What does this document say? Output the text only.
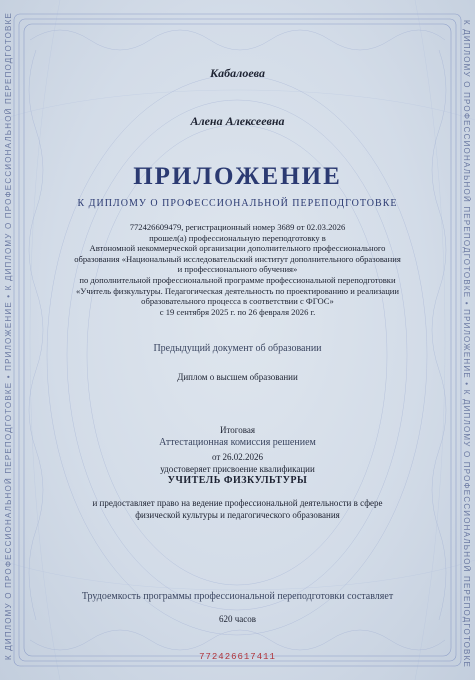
К ДИПЛОМУ О ПРОФЕССИОНАЛЬНОЙ ПЕРЕПОДГОТОВКЕ • ПРИЛОЖЕНИЕ • К ДИПЛОМУ О ПРОФЕССИОНАЛЬНОЙ ПЕРЕПОДГОТОВКЕ	К ДИПЛОМУ О ПРОФЕССИОНАЛЬНОЙ ПЕРЕПОДГОТОВКЕ • ПРИЛОЖЕНИЕ • К ДИПЛОМУ О ПРОФЕССИОНАЛЬНОЙ ПЕРЕПОДГОТОВКЕ
Кабалоева
Алена Алексеевна
ПРИЛОЖЕНИЕ
К ДИПЛОМУ О ПРОФЕССИОНАЛЬНОЙ ПЕРЕПОДГОТОВКЕ
772426609479, регистрационный номер 3689 от 02.03.2026
прошел(а) профессиональную переподготовку в
Автономной некоммерческой организации дополнительного профессионального
образования «Национальный исследовательский институт дополнительного образования
и профессионального обучения»
по дополнительной профессиональной программе профессиональной переподготовки
«Учитель физкультуры. Педагогическая деятельность по проектированию и реализации
образовательного процесса в соответствии с ФГОС»
с 19 сентября 2025 г. по 26 февраля 2026 г.
Предыдущий документ об образовании
Диплом о высшем образовании
Итоговая
Аттестационная комиссия решением
от 26.02.2026
удостоверяет присвоение квалификации
УЧИТЕЛЬ ФИЗКУЛЬТУРЫ
и предоставляет право на ведение профессиональной деятельности в сфере
физической культуры и педагогического образования
Трудоемкость программы профессиональной переподготовки составляет
620 часов
772426617411
